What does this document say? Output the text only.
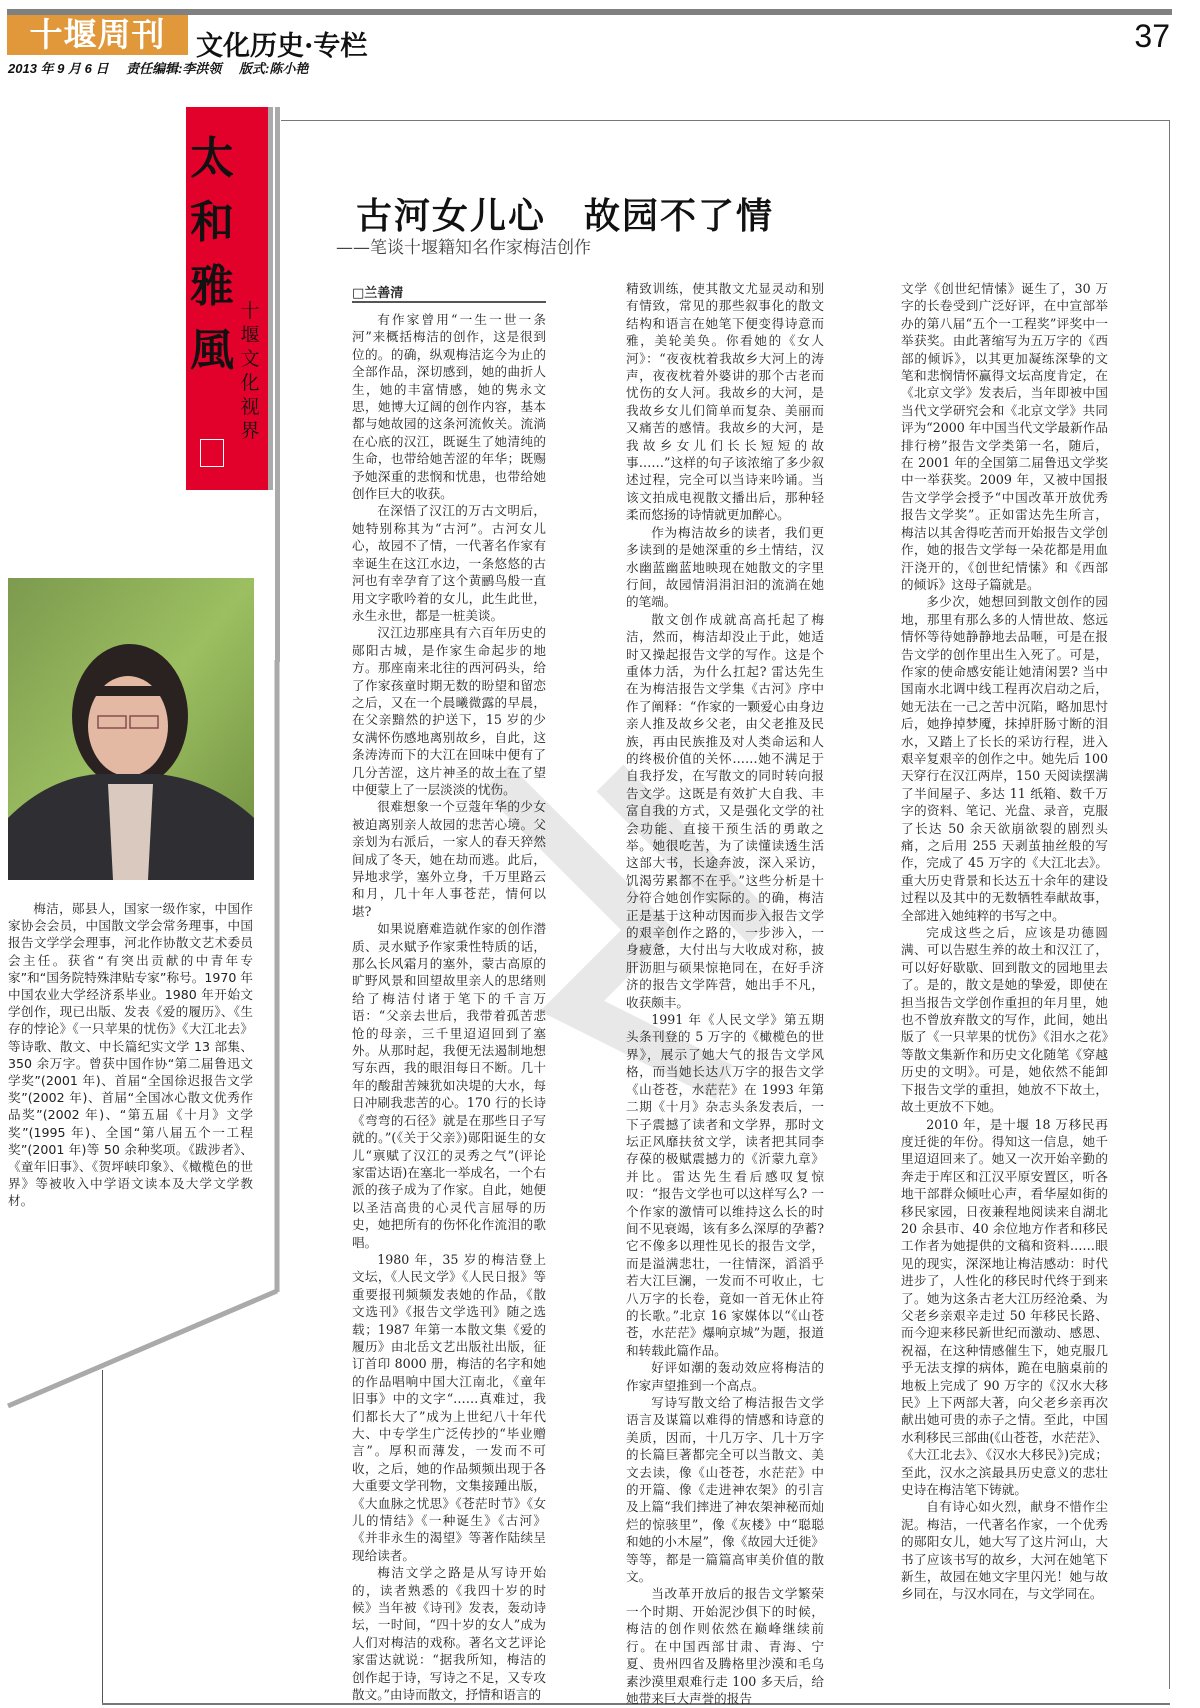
十堰周刊	文化历史·专栏	37
2013 年 9 月 6 日 责任编辑:李洪领 版式:陈小艳
太
和
雅
風
十堰文化视界
古河女儿心　故园不了情
——笔谈十堰籍知名作家梅洁创作
□兰善清

有作家曾用“一生一世一条河”来概括梅洁的创作，这是很到位的。的确，纵观梅洁迄今为止的全部作品，深切感到，她的曲折人生，她的丰富情感，她的隽永文思，她博大辽阔的创作内容，基本都与她故园的这条河流攸关。流淌在心底的汉江，既诞生了她清纯的生命，也带给她苦涩的年华；既赐予她深重的悲悯和忧患，也带给她创作巨大的收获。

在深悟了汉江的万古文明后，她特别称其为“古河”。古河女儿心，故园不了情，一代著名作家有幸诞生在这江水边，一条悠悠的古河也有幸孕育了这个黄鹂鸟般一直用文字歌吟着的女儿，此生此世，永生永世，都是一桩美谈。

汉江边那座具有六百年历史的郧阳古城，是作家生命起步的地方。那座南来北往的西河码头，给了作家孩童时期无数的盼望和留恋之后，又在一个晨曦微露的早晨，在父亲黯然的护送下，15 岁的少女满怀伤感地离别故乡，自此，这条涛涛而下的大江在回味中便有了几分苦涩，这片神圣的故土在了望中便蒙上了一层淡淡的忧伤。

很难想象一个豆蔻年华的少女被迫离别亲人故园的悲苦心境。父亲划为右派后，一家人的春天猝然间成了冬天，她在劫而逃。此后，异地求学，塞外立身，千万里路云和月，几十年人事苍茫，情何以堪?

如果说磨难造就作家的创作潜质、灵水赋予作家秉性特质的话，那么长风霜月的塞外，蒙古高原的旷野风景和回望故里亲人的思绪则给了梅洁付诸于笔下的千言万语：“父亲去世后，我带着孤苦悲怆的母亲，三千里迢迢回到了塞外。从那时起，我便无法遏制地想写东西，我的眼泪每日不断。几十年的酸甜苦辣犹如决堤的大水，每日冲刷我悲苦的心。170 行的长诗《弯弯的石径》就是在那些日子写就的。”(《关于父亲》)郧阳诞生的女儿“禀赋了汉江的灵秀之气”(评论家雷达语)在塞北一举成名，一个右派的孩子成为了作家。自此，她便以圣洁高贵的心灵代言屈辱的历史，她把所有的伤怀化作流泪的歌唱。

1980 年，35 岁的梅洁登上文坛，《人民文学》《人民日报》等重要报刊频频发表她的作品，《散文选刊》《报告文学选刊》随之选载；1987 年第一本散文集《爱的履历》由北岳文艺出版社出版，征订首印 8000 册，梅洁的名字和她的作品唱响中国大江南北，《童年旧事》中的文字“……真难过，我们都长大了”成为上世纪八十年代大、中专学生广泛传抄的“毕业赠言”。厚积而薄发，一发而不可收，之后，她的作品频频出现于各大重要文学刊物，文集接踵出版，《大血脉之忧思》《苍茫时节》《女儿的情结》《一种诞生》《古河》《并非永生的渴望》等著作陆续呈现给读者。

梅洁文学之路是从写诗开始的，读者熟悉的《我四十岁的时候》当年被《诗刊》发表，轰动诗坛，一时间，“四十岁的女人”成为人们对梅洁的戏称。著名文艺评论家雷达就说：“据我所知，梅洁的创作起于诗，写诗之不足，又专攻散文。”由诗而散文，抒情和语言的

精致训练，使其散文尤显灵动和别有情致，常见的那些叙事化的散文结构和语言在她笔下便变得诗意而雅，美轮美奂。你看她的《女人河》：“夜夜枕着我故乡大河上的涛声，夜夜枕着外婆讲的那个古老而忧伤的女人河。我故乡的大河，是我故乡女儿们简单而复杂、美丽而又痛苦的感情。我故乡的大河，是我故乡女儿们长长短短的故事……”这样的句子该浓缩了多少叙述过程，完全可以当诗来吟诵。当该文拍成电视散文播出后，那种轻柔而悠扬的诗情就更加醉心。

作为梅洁故乡的读者，我们更多读到的是她深重的乡土情结，汉水幽蓝幽蓝地映现在她散文的字里行间，故园情涓涓汩汩的流淌在她的笔端。

散文创作成就高高托起了梅洁，然而，梅洁却没止于此，她适时又操起报告文学的写作。这是个重体力活，为什么扛起? 雷达先生在为梅洁报告文学集《古河》序中作了阐释：“作家的一颗爱心由身边亲人推及故乡父老，由父老推及民族，再由民族推及对人类命运和人的终极价值的关怀……她不满足于自我抒发，在写散文的同时转向报告文学。这既是有效扩大自我、丰富自我的方式，又是强化文学的社会功能、直接干预生活的勇敢之举。她很吃苦，为了读懂读透生活这部大书，长途奔波，深入采访，饥渴劳累都不在乎。”这些分析是十分符合她创作实际的。的确，梅洁正是基于这种动因而步入报告文学的艰辛创作之路的，一步涉入，一身疲惫，大付出与大收成对称，披肝沥胆与硕果惊艳同在，在好手济济的报告文学阵营，她出手不凡，收获颇丰。

1991 年《人民文学》第五期头条刊登的 5 万字的《橄榄色的世界》，展示了她大气的报告文学风格，而当她长达八万字的报告文学《山苍苍，水茫茫》在 1993 年第二期《十月》杂志头条发表后，一下子震撼了读者和文学界，那时文坛正风靡扶贫文学，读者把其同李存葆的极赋震撼力的《沂蒙九章》并比。雷达先生看后感叹复惊叹：“报告文学也可以这样写么? 一个作家的激情可以维持这么长的时间不见衰竭，该有多么深厚的孕蓄? 它不像多以理性见长的报告文学，而是溢满悲壮，一往情深，滔滔乎若大江巨澜，一发而不可收止，七八万字的长卷，竟如一首无休止符的长歌。”北京 16 家媒体以“《山苍苍，水茫茫》爆响京城”为题，报道和转载此篇作品。

好评如潮的轰动效应将梅洁的作家声望推到一个高点。

写诗写散文给了梅洁报告文学语言及谋篇以难得的情感和诗意的美质，因而，十几万字、几十万字的长篇巨著都完全可以当散文、美文去读，像《山苍苍，水茫茫》中的开篇、像《走进神农架》的引言及上篇“我们摔进了神农架神秘而灿烂的惊骇里”，像《灰楼》中“聪聪和她的小木屋”，像《故园大迁徙》等等，都是一篇篇高审美价值的散文。

当改革开放后的报告文学繁荣一个时期、开始泥沙俱下的时候，梅洁的创作则依然在巅峰继续前行。在中国西部甘肃、青海、宁夏、贵州四省及腾格里沙漠和毛乌素沙漠里艰难行走 100 多天后，给她带来巨大声誉的报告

文学《创世纪情愫》诞生了，30 万字的长卷受到广泛好评，在中宣部举办的第八届“五个一工程奖”评奖中一举获奖。由此著缩写为五万字的《西部的倾诉》，以其更加凝练深挚的文笔和悲悯情怀赢得文坛高度肯定，在《北京文学》发表后，当年即被中国当代文学研究会和《北京文学》共同评为“2000 年中国当代文学最新作品排行榜”报告文学类第一名，随后，在 2001 年的全国第二届鲁迅文学奖中一举获奖。2009 年，又被中国报告文学学会授予“中国改革开放优秀报告文学奖”。正如雷达先生所言，梅洁以其舍得吃苦而开始报告文学创作，她的报告文学每一朵花都是用血汗浇开的，《创世纪情愫》和《西部的倾诉》这母子篇就是。

多少次，她想回到散文创作的园地，那里有那么多的人情世故、悠远情怀等待她静静地去品咂，可是在报告文学的创作里出生入死了。可是，作家的使命感安能让她清闲罢? 当中国南水北调中线工程再次启动之后，她无法在一己之苦中沉陷，略加思忖后，她挣掉梦魇，抹掉肝肠寸断的泪水，又踏上了长长的采访行程，进入艰辛复艰辛的创作之中。她先后 100 天穿行在汉江两岸，150 天阅读摆满了半间屋子、多达 11 纸箱、数千万字的资料、笔记、光盘、录音，克服了长达 50 余天欲崩欲裂的剧烈头痛，之后用 255 天剥茧抽丝般的写作，完成了 45 万字的《大江北去》。重大历史背景和长达五十余年的建设过程以及其中的无数牺牲奉献故事，全部进入她纯粹的书写之中。

完成这些之后，应该是功德圆满、可以告慰生养的故土和汉江了，可以好好歇歇、回到散文的园地里去了。是的，散文是她的挚爱，即使在担当报告文学创作重担的年月里，她也不曾放弃散文的写作，此间，她出版了《一只苹果的忧伤》《泪水之花》等散文集新作和历史文化随笔《穿越历史的文明》。可是，她依然不能卸下报告文学的重担，她放不下故土，故土更放不下她。

2010 年，是十堰 18 万移民再度迁徙的年份。得知这一信息，她千里迢迢回来了。她又一次开始辛勤的奔走于库区和江汉平原安置区，听各地干部群众倾吐心声，看华屋如街的移民家园，日夜兼程地阅读来自湖北 20 余县市、40 余位地方作者和移民工作者为她提供的文稿和资料……眼见的现实，深深地让梅洁感动：时代进步了，人性化的移民时代终于到来了。她为这条古老大江历经沧桑、为父老乡亲艰辛走过 50 年移民长路、而今迎来移民新世纪而激动、感恩、祝福，在这种情感催生下，她克服几乎无法支撑的病体，跪在电脑桌前的地板上完成了 90 万字的《汉水大移民》上下两部大著，向父老乡亲再次献出她可贵的赤子之情。至此，中国水利移民三部曲(《山苍苍，水茫茫》、《大江北去》、《汉水大移民》)完成；至此，汉水之滨最具历史意义的悲壮史诗在梅洁笔下铸就。

自有诗心如火烈，献身不惜作尘泥。梅洁，一代著名作家，一个优秀的郧阳女儿，她大写了这片河山，大书了应该书写的故乡，大河在她笔下新生，故园在她文字里闪光！她与故乡同在，与汉水同在，与文学同在。

梅洁，郧县人，国家一级作家，中国作家协会会员，中国散文学会常务理事，中国报告文学学会理事，河北作协散文艺术委员会主任。获省“有突出贡献的中青年专家”和“国务院特殊津贴专家”称号。1970 年中国农业大学经济系毕业。1980 年开始文学创作，现已出版、发表《爱的履历》、《生存的悖论》《一只苹果的忧伤》《大江北去》等诗歌、散文、中长篇纪实文学 13 部集、350 余万字。曾获中国作协“第二届鲁迅文学奖”(2001 年)、首届“全国徐迟报告文学奖”(2002 年)、首届“全国冰心散文优秀作品奖”(2002 年)、“第五届《十月》文学奖”(1995 年)、全国“第八届五个一工程奖”(2001 年)等 50 余种奖项。《跋涉者》、《童年旧事》、《贺坪峡印象》、《橄榄色的世界》等被收入中学语文读本及大学文学教材。
